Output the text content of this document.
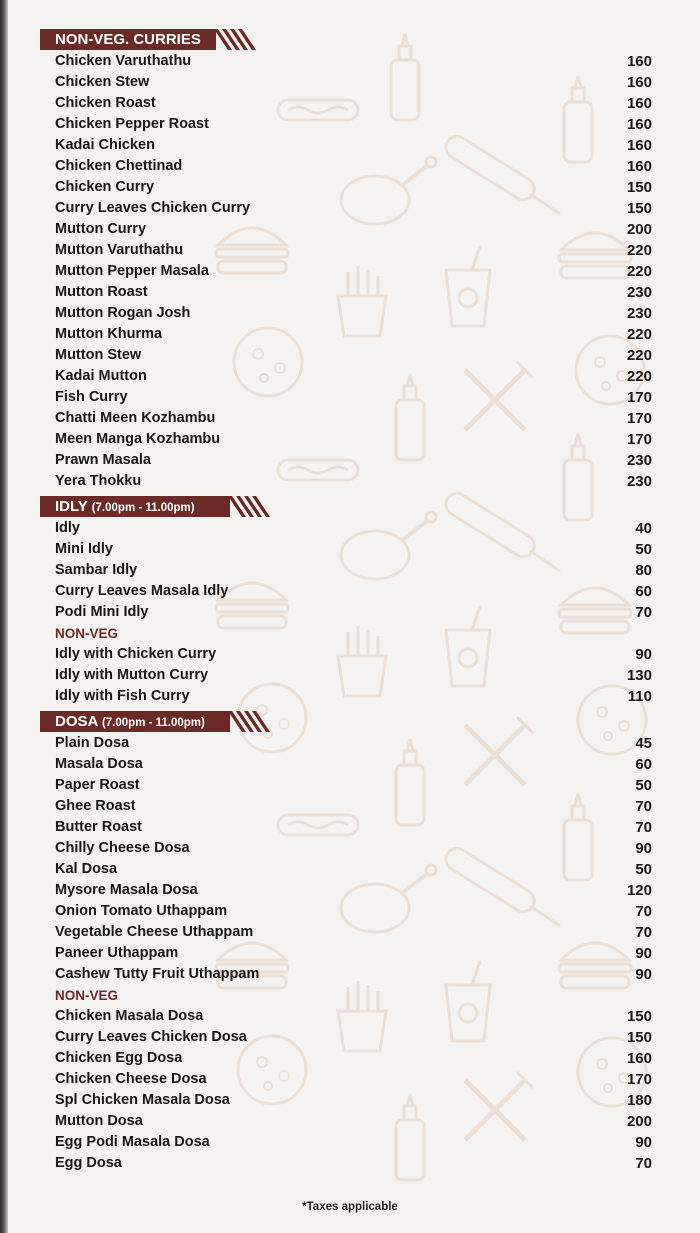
NON-VEG. CURRIES
Chicken Varuthathu	160
Chicken Stew	160
Chicken Roast	160
Chicken Pepper Roast	160
Kadai Chicken	160
Chicken Chettinad	160
Chicken Curry	150
Curry Leaves Chicken Curry	150
Mutton Curry	200
Mutton Varuthathu	220
Mutton Pepper Masala	220
Mutton Roast	230
Mutton Rogan Josh	230
Mutton Khurma	220
Mutton Stew	220
Kadai Mutton	220
Fish Curry	170
Chatti Meen Kozhambu	170
Meen Manga Kozhambu	170
Prawn Masala	230
Yera Thokku	230
IDLY (7.00pm - 11.00pm)
Idly	40
Mini Idly	50
Sambar Idly	80
Curry Leaves Masala Idly	60
Podi Mini Idly	70
NON-VEG
Idly with Chicken Curry	90
Idly with Mutton Curry	130
Idly with Fish Curry	110
DOSA (7.00pm - 11.00pm)
Plain Dosa	45
Masala Dosa	60
Paper Roast	50
Ghee Roast	70
Butter Roast	70
Chilly Cheese Dosa	90
Kal Dosa	50
Mysore Masala Dosa	120
Onion Tomato Uthappam	70
Vegetable Cheese Uthappam	70
Paneer Uthappam	90
Cashew Tutty Fruit Uthappam	90
NON-VEG
Chicken Masala Dosa	150
Curry Leaves Chicken Dosa	150
Chicken Egg Dosa	160
Chicken Cheese Dosa	170
Spl Chicken Masala Dosa	180
Mutton Dosa	200
Egg Podi Masala Dosa	90
Egg Dosa	70
*Taxes applicable
